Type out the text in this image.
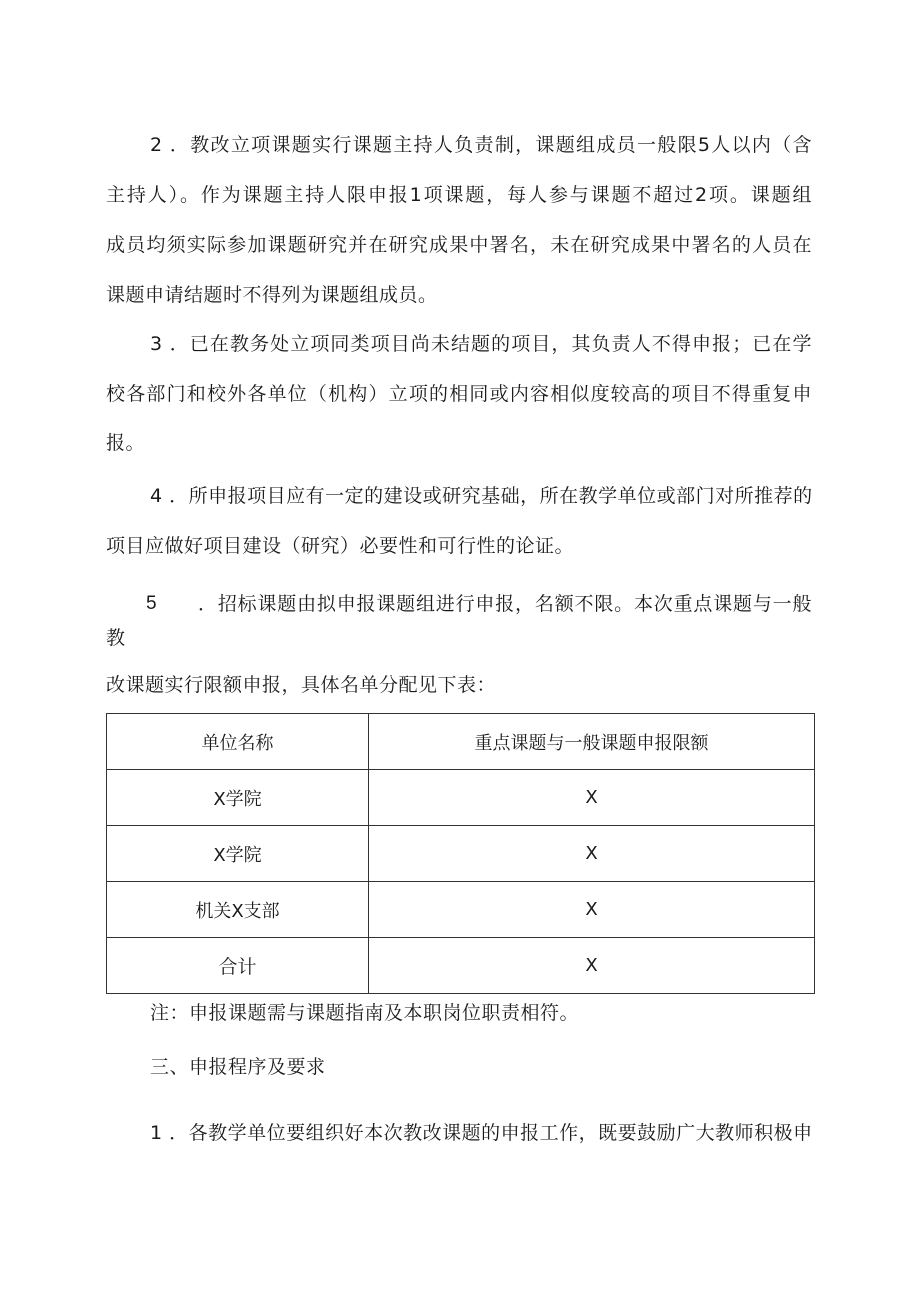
2 ．教改立项课题实行课题主持人负责制，课题组成员一般限5人以内（含
主持人）。作为课题主持人限申报1项课题，每人参与课题不超过2项。课题组
成员均须实际参加课题研究并在研究成果中署名，未在研究成果中署名的人员在
课题申请结题时不得列为课题组成员。
3 ．已在教务处立项同类项目尚未结题的项目，其负责人不得申报；已在学
校各部门和校外各单位（机构）立项的相同或内容相似度较高的项目不得重复申
报。
4 ．所申报项目应有一定的建设或研究基础，所在教学单位或部门对所推荐的
项目应做好项目建设（研究）必要性和可行性的论证。
5 ．招标课题由拟申报课题组进行申报，名额不限。本次重点课题与一般
教
改课题实行限额申报，具体名单分配见下表：
单位名称	重点课题与一般课题申报限额
X学院	X
X学院	X
机关X支部	X
合计	X
注：申报课题需与课题指南及本职岗位职责相符。
三、申报程序及要求
1 ．各教学单位要组织好本次教改课题的申报工作，既要鼓励广大教师积极申
